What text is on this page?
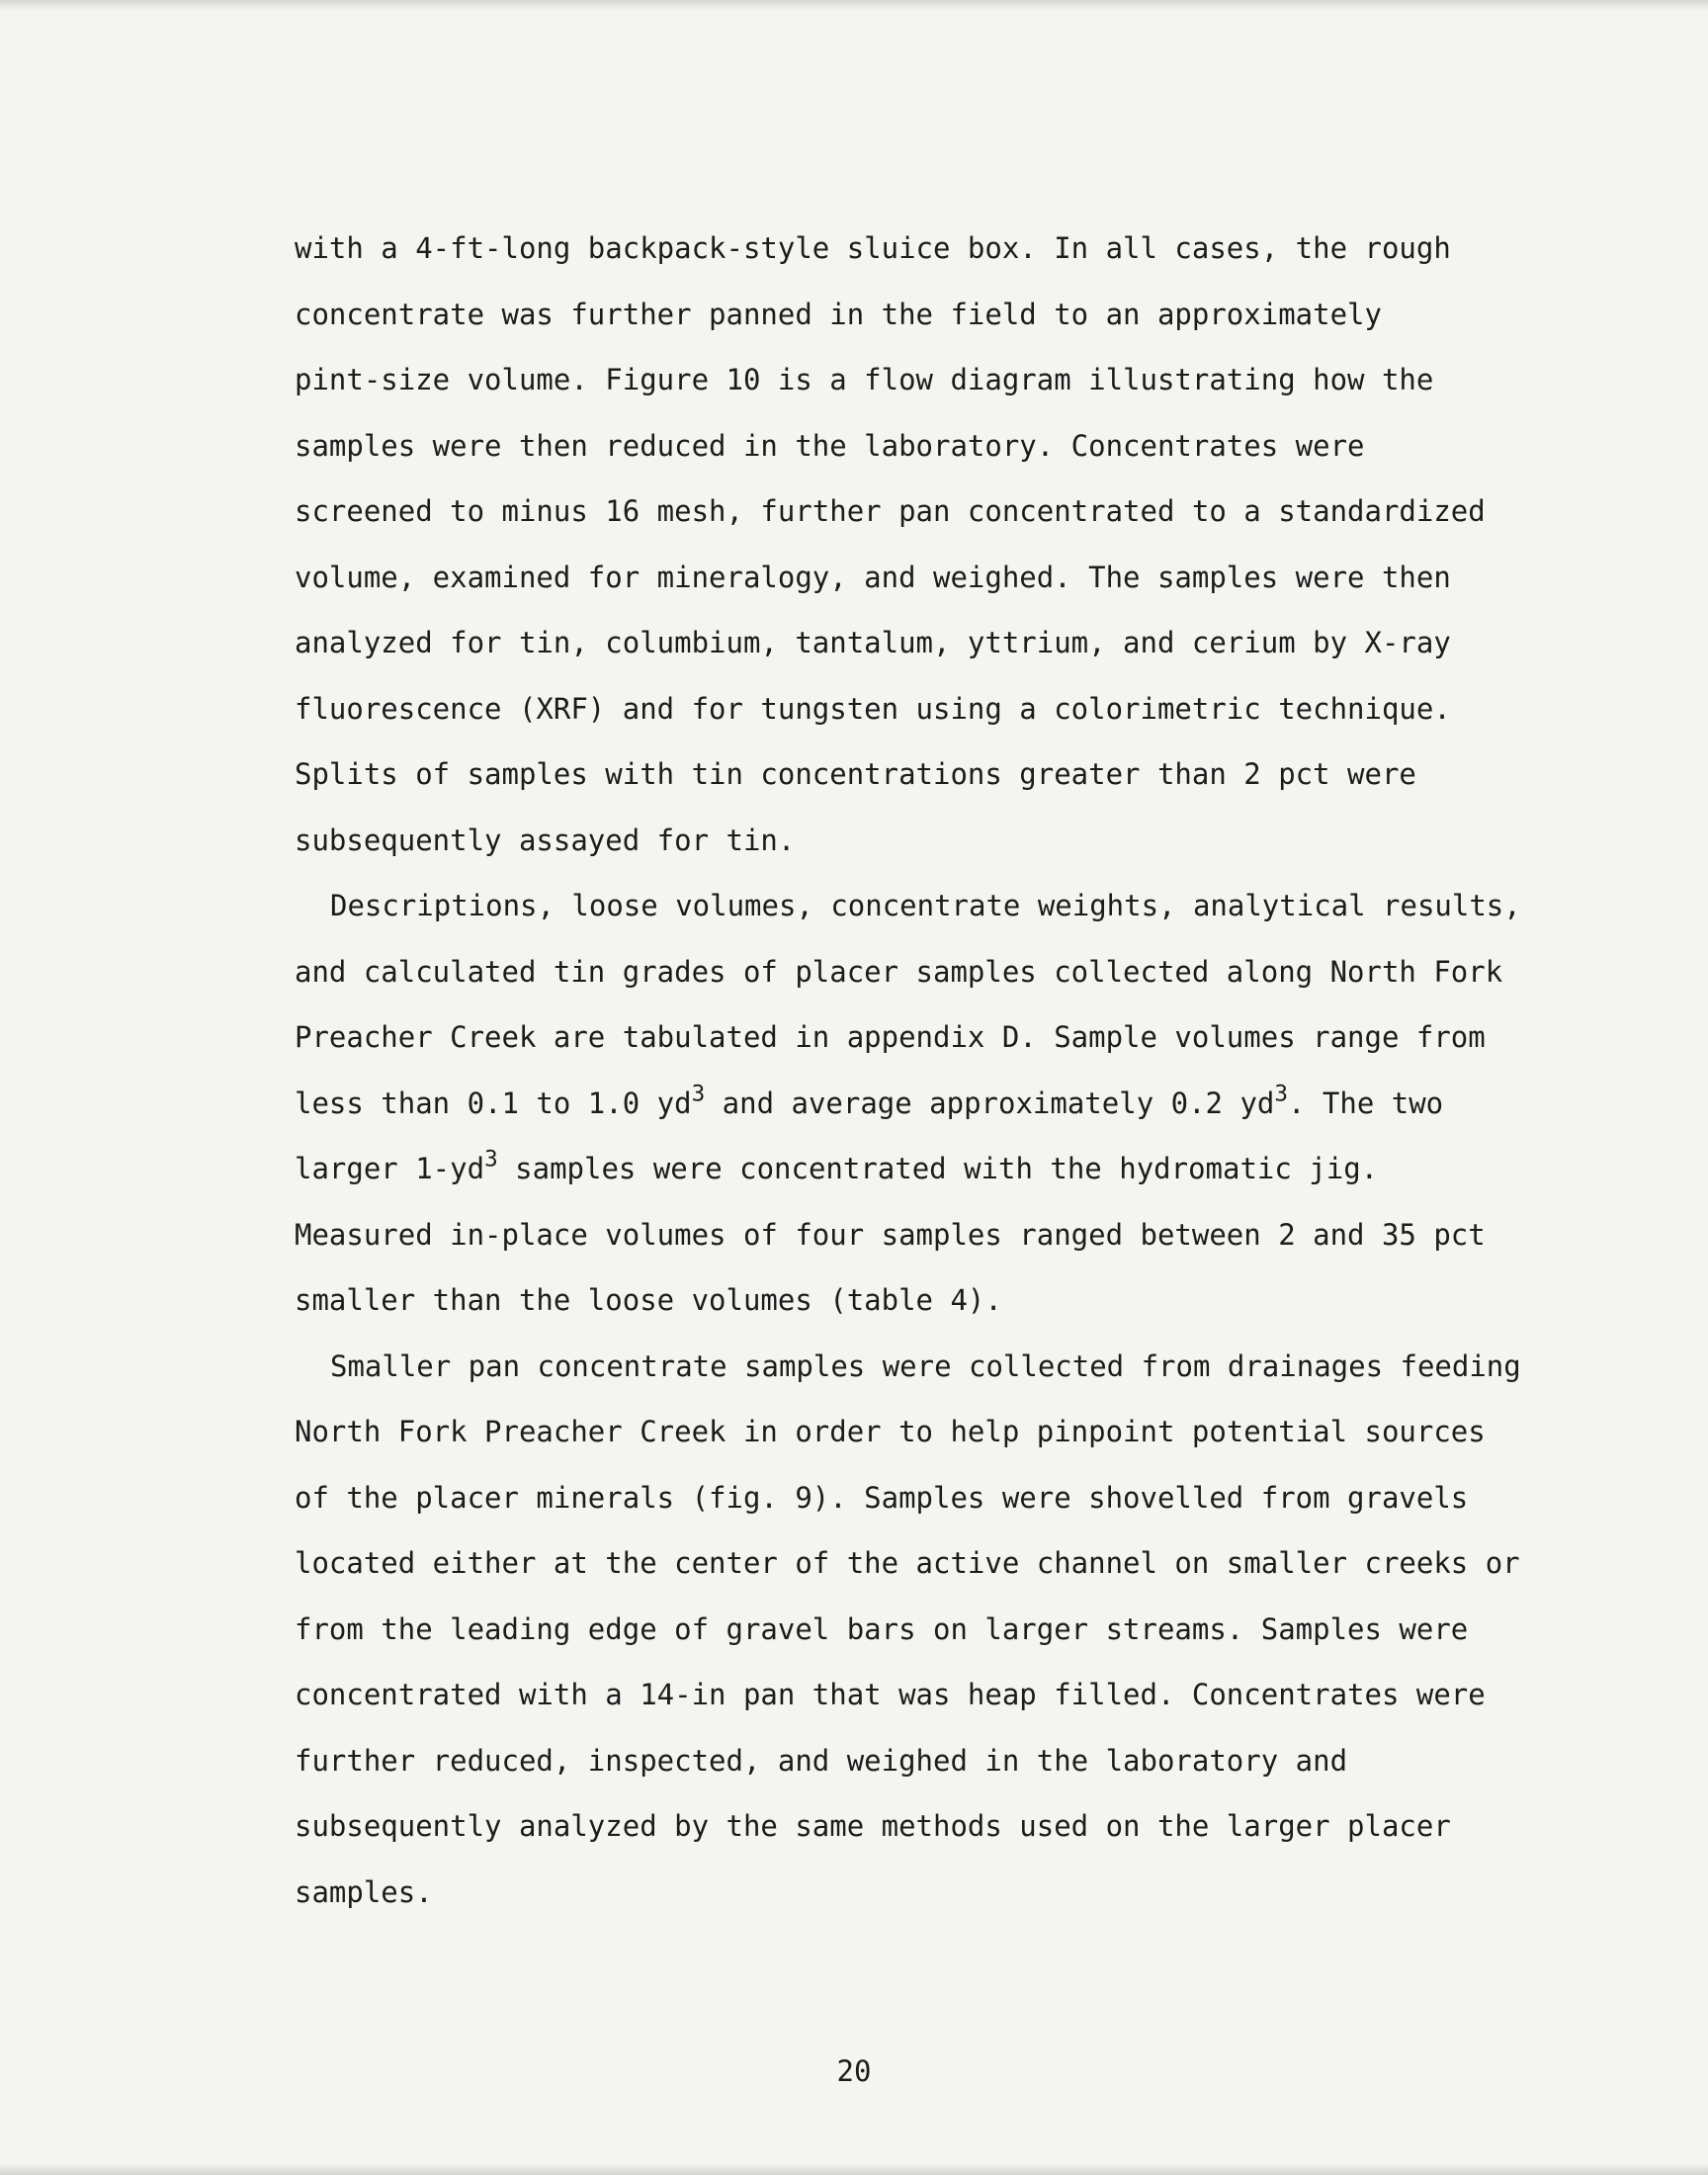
with a 4-ft-long backpack-style sluice box. In all cases, the rough
concentrate was further panned in the field to an approximately
pint-size volume. Figure 10 is a flow diagram illustrating how the
samples were then reduced in the laboratory. Concentrates were
screened to minus 16 mesh, further pan concentrated to a standardized
volume, examined for mineralogy, and weighed. The samples were then
analyzed for tin, columbium, tantalum, yttrium, and cerium by X-ray
fluorescence (XRF) and for tungsten using a colorimetric technique.
Splits of samples with tin concentrations greater than 2 pct were
subsequently assayed for tin.
Descriptions, loose volumes, concentrate weights, analytical results,
and calculated tin grades of placer samples collected along North Fork
Preacher Creek are tabulated in appendix D. Sample volumes range from
less than 0.1 to 1.0 $yd^3$ and average approximately 0.2 $yd^3$. The two
larger $1-yd^3$ samples were concentrated with the hydromatic jig.
Measured in-place volumes of four samples ranged between 2 and 35 pct
smaller than the loose volumes (table 4).
Smaller pan concentrate samples were collected from drainages feeding
North Fork Preacher Creek in order to help pinpoint potential sources
of the placer minerals (fig. 9). Samples were shovelled from gravels
located either at the center of the active channel on smaller creeks or
from the leading edge of gravel bars on larger streams. Samples were
concentrated with a 14-in pan that was heap filled. Concentrates were
further reduced, inspected, and weighed in the laboratory and
subsequently analyzed by the same methods used on the larger placer
samples.
20
